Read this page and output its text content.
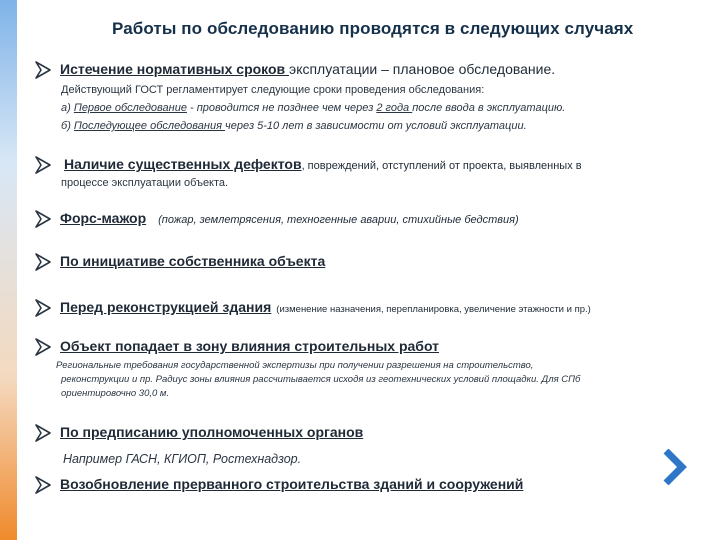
Работы по обследованию проводятся в следующих случаях
Истечение нормативных сроков эксплуатации – плановое обследование.
Действующий ГОСТ регламентирует следующие сроки проведения обследования:
а) Первое обследование - проводится не позднее чем через 2 года после ввода в эксплуатацию.
б) Последующее обследования через 5-10 лет в зависимости от условий эксплуатации.
Наличие существенных дефектов, повреждений, отступлений от проекта, выявленных в
процессе эксплуатации объекта.
Форс-мажор (пожар, землетрясения, техногенные аварии, стихийные бедствия)
По инициативе собственника объекта
Перед реконструкцией здания (изменение назначения, перепланировка, увеличение этажности и пр.)
Объект попадает в зону влияния строительных работ
Региональные требования государственной экспертизы при получении разрешения на строительство,
реконструкции и пр. Радиус зоны влияния рассчитывается исходя из геотехнических условий площадки. Для СПб
ориентировочно 30,0 м.
По предписанию уполномоченных органов
Например ГАСН, КГИОП, Ростехнадзор.
Возобновление прерванного строительства зданий и сооружений
